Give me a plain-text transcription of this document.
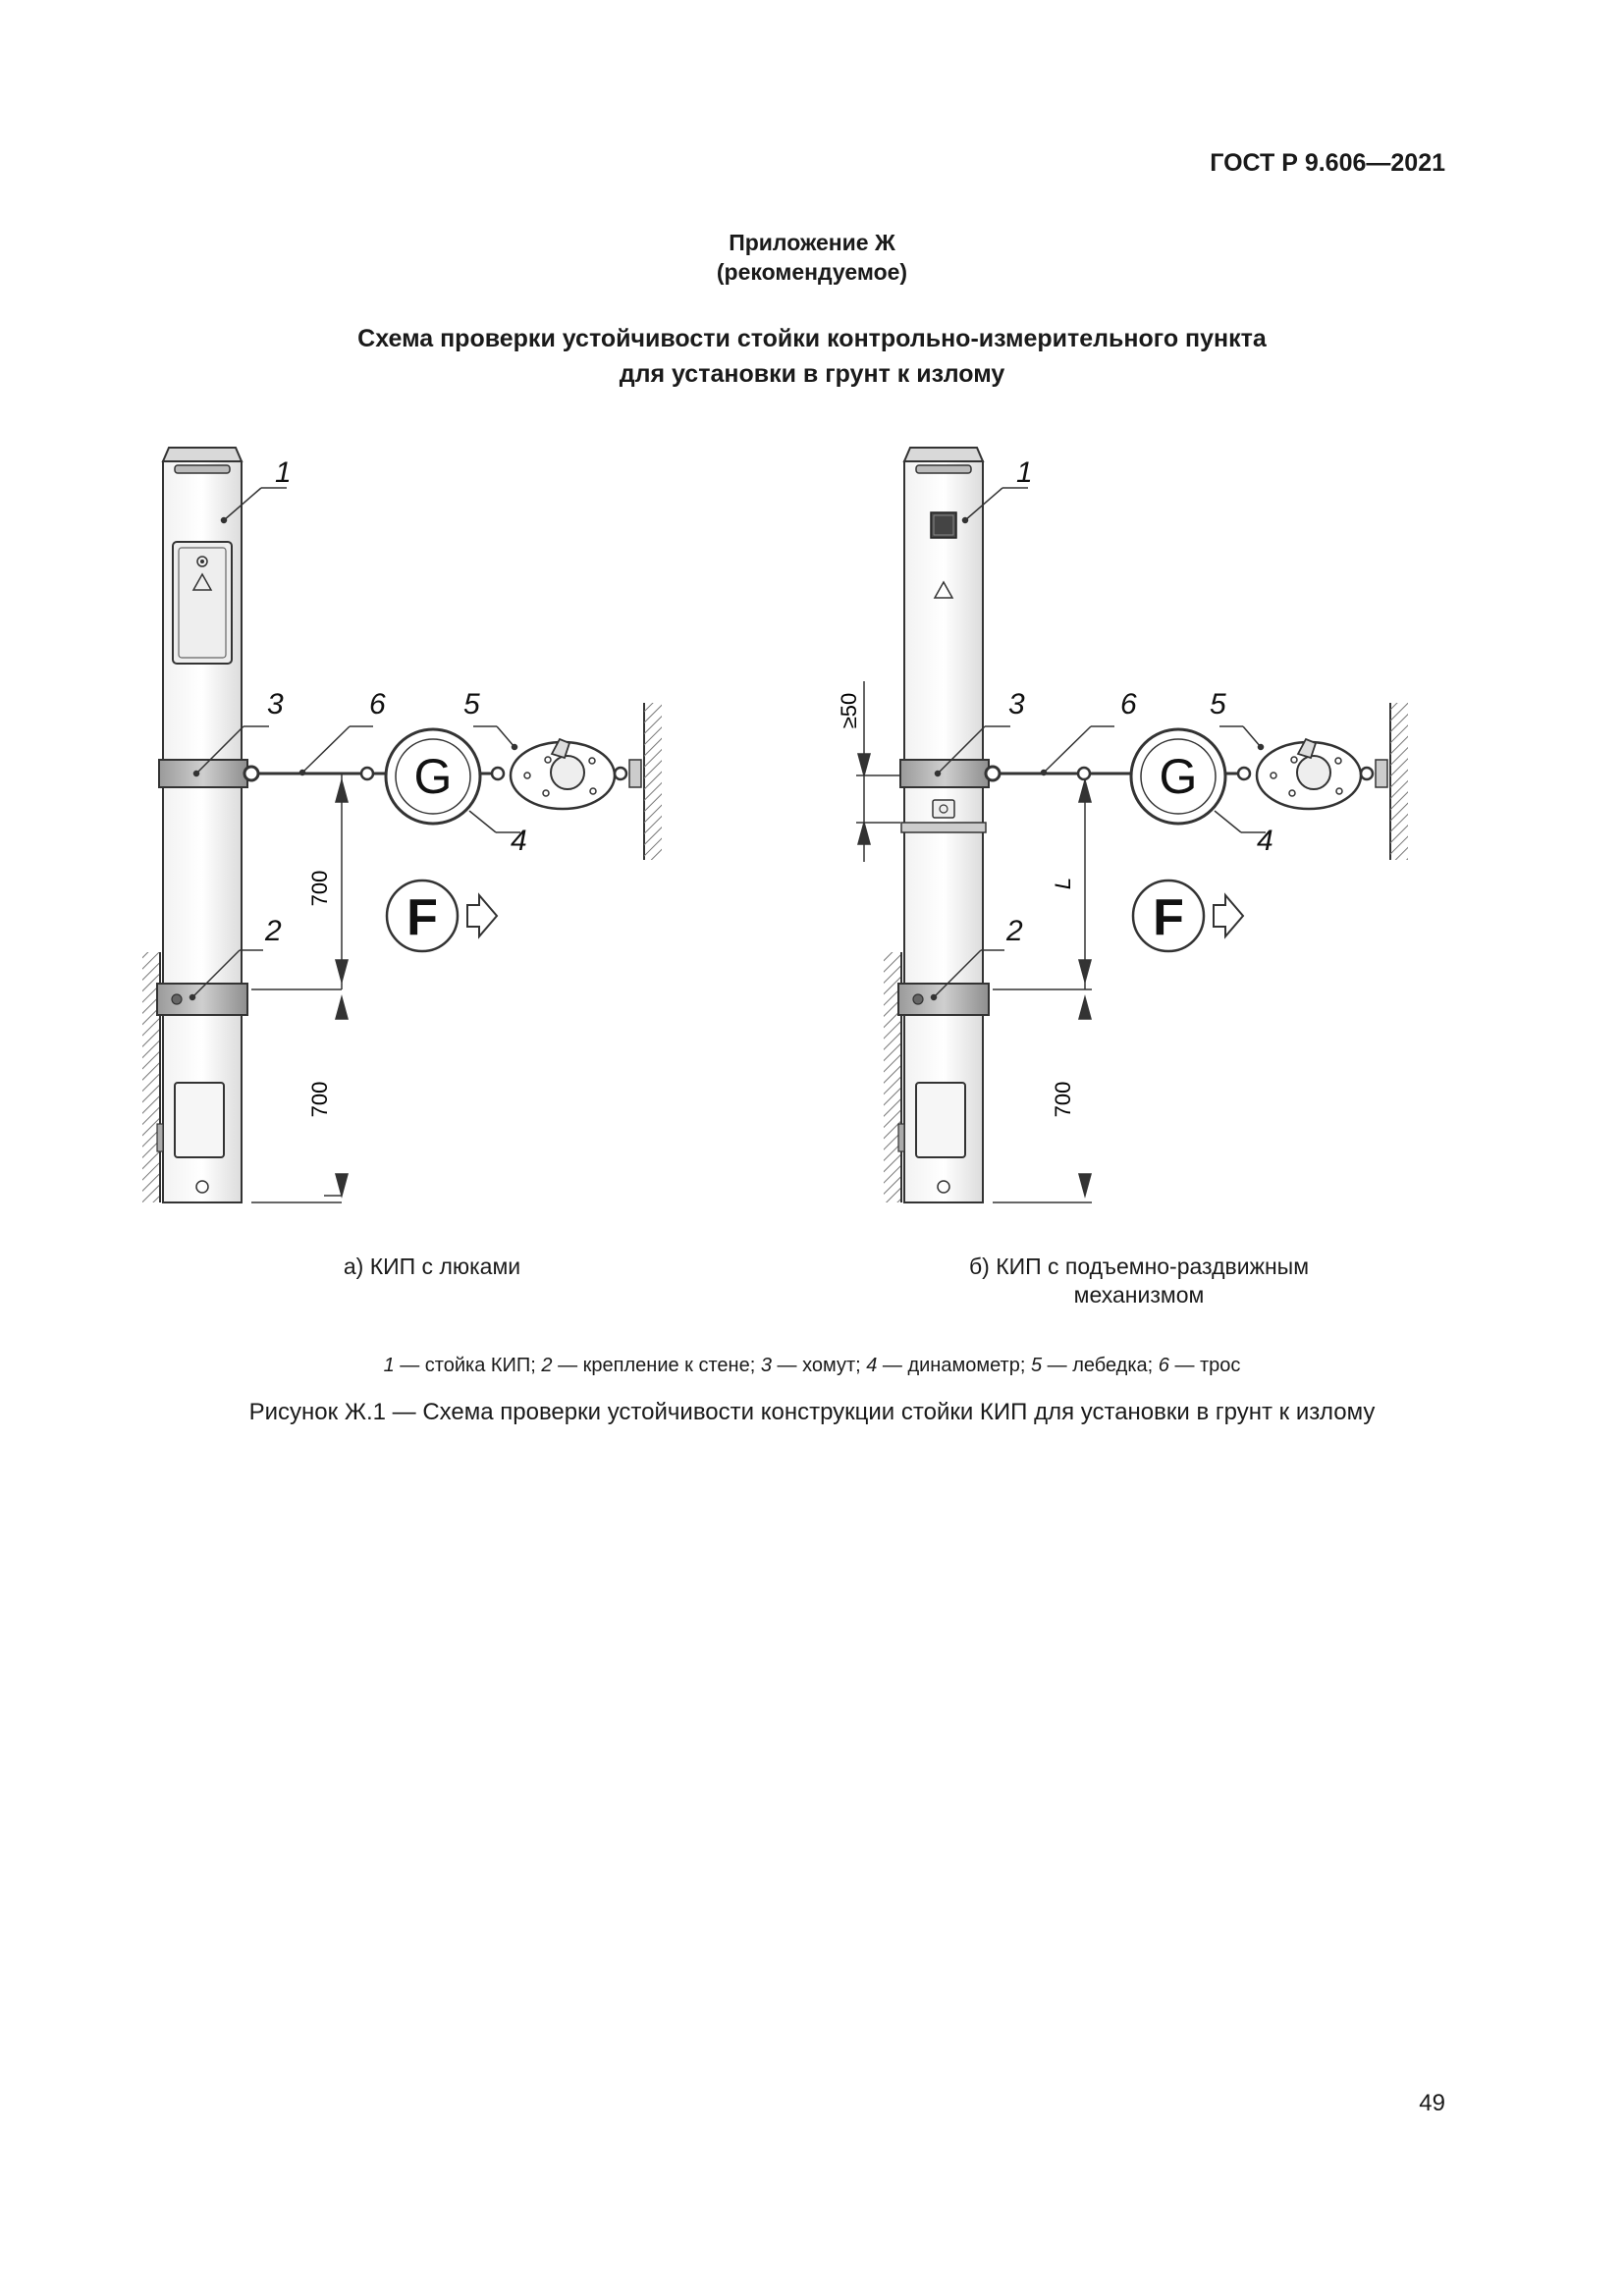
ГОСТ Р 9.606—2021
Приложение Ж
(рекомендуемое)
Схема проверки устойчивости стойки контрольно-измерительного пункта
для установки в грунт к излому
G
700
700
F
1
3	6	5
4
2
G
≥50
L
700
F
1
3	6 5
4
2
а) КИП с люками	б) КИП с подъемно-раздвижным
механизмом
1 — стойка КИП; 2 — крепление к стене; 3 — хомут; 4 — динамометр; 5 — лебедка; 6 — трос
Рисунок Ж.1 — Схема проверки устойчивости конструкции стойки КИП для установки в грунт к излому
49
